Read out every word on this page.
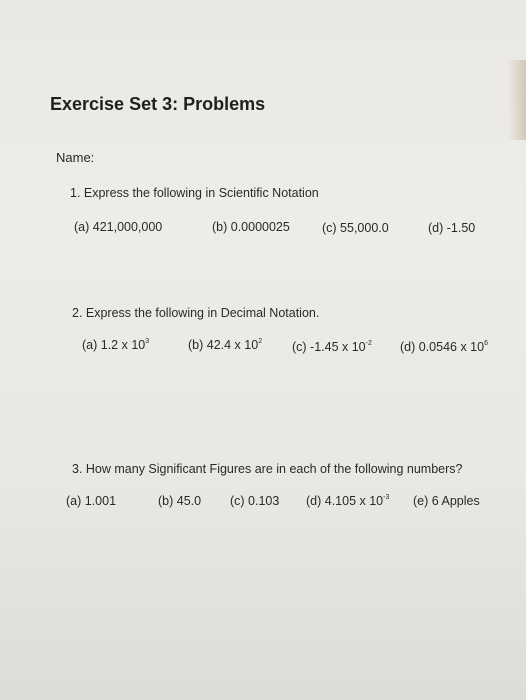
Exercise Set 3: Problems
Name:
1. Express the following in Scientific Notation
(a) 421,000,000	(b) 0.0000025	(c) 55,000.0	(d) -1.50
2. Express the following in Decimal Notation.
(a) 1.2 x $10^3$	(b) 42.4 x $10^2$ (c) -1.45 x $10^{-2}$ (d) 0.0546 x $10^6$
3. How many Significant Figures are in each of the following numbers?
(a) 1.001	(b) 45.0 (c) 0.103 (d) 4.105 x $10^{-3}$ (e) 6 Apples
